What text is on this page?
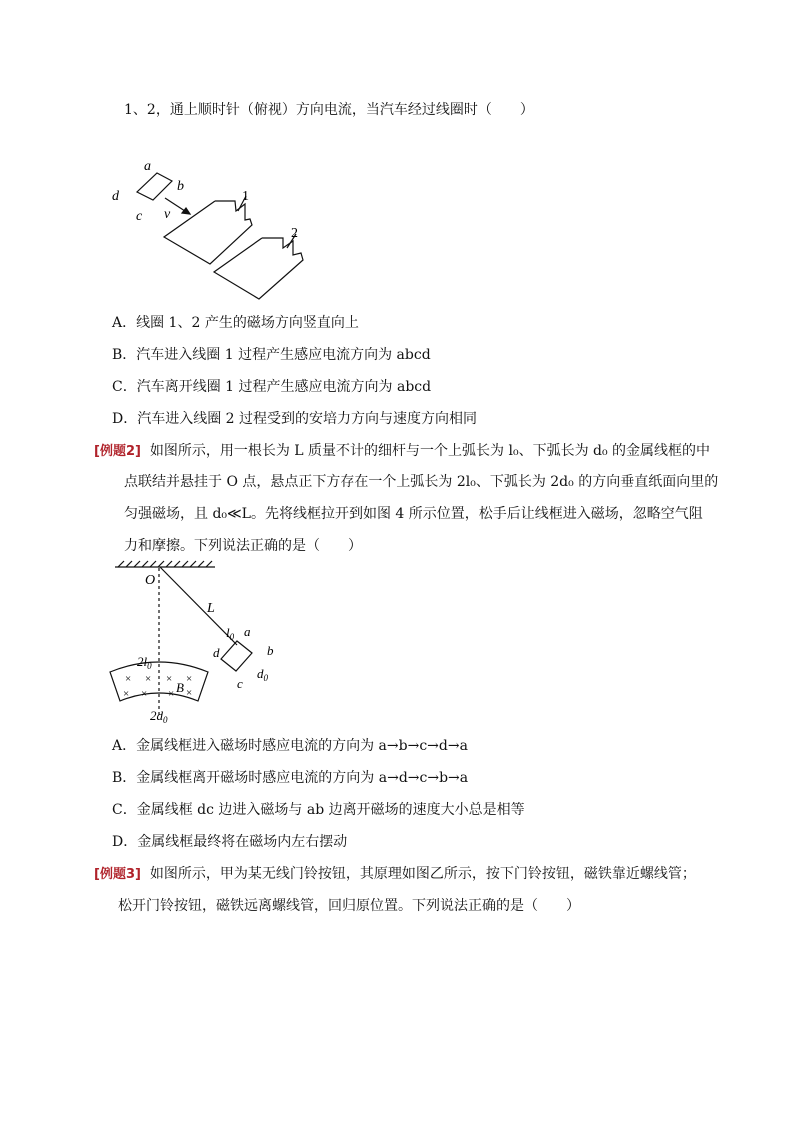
1、2，通上顺时针（俯视）方向电流，当汽车经过线圈时（　　）
a
b
c
d
v
1
2
A．线圈 1、2 产生的磁场方向竖直向上
B．汽车进入线圈 1 过程产生感应电流方向为 abcd
C．汽车离开线圈 1 过程产生感应电流方向为 abcd
D．汽车进入线圈 2 过程受到的安培力方向与速度方向相同
[例题2] 如图所示，用一根长为 L 质量不计的细杆与一个上弧长为 l₀、下弧长为 d₀ 的金属线框的中
点联结并悬挂于 O 点，悬点正下方存在一个上弧长为 2l₀、下弧长为 2d₀ 的方向垂直纸面向里的
匀强磁场，且 d₀≪L。先将线框拉开到如图 4 所示位置，松手后让线框进入磁场，忽略空气阻
力和摩擦。下列说法正确的是（　　）
O
L
$l_0$ a
b
c
d
$d_0$
$2l_0$
$2d_0$
B
× × × ×
× × × ×
A．金属线框进入磁场时感应电流的方向为 a→b→c→d→a
B．金属线框离开磁场时感应电流的方向为 a→d→c→b→a
C．金属线框 dc 边进入磁场与 ab 边离开磁场的速度大小总是相等
D．金属线框最终将在磁场内左右摆动
[例题3] 如图所示，甲为某无线门铃按钮，其原理如图乙所示，按下门铃按钮，磁铁靠近螺线管；
松开门铃按钮，磁铁远离螺线管，回归原位置。下列说法正确的是（　　）
